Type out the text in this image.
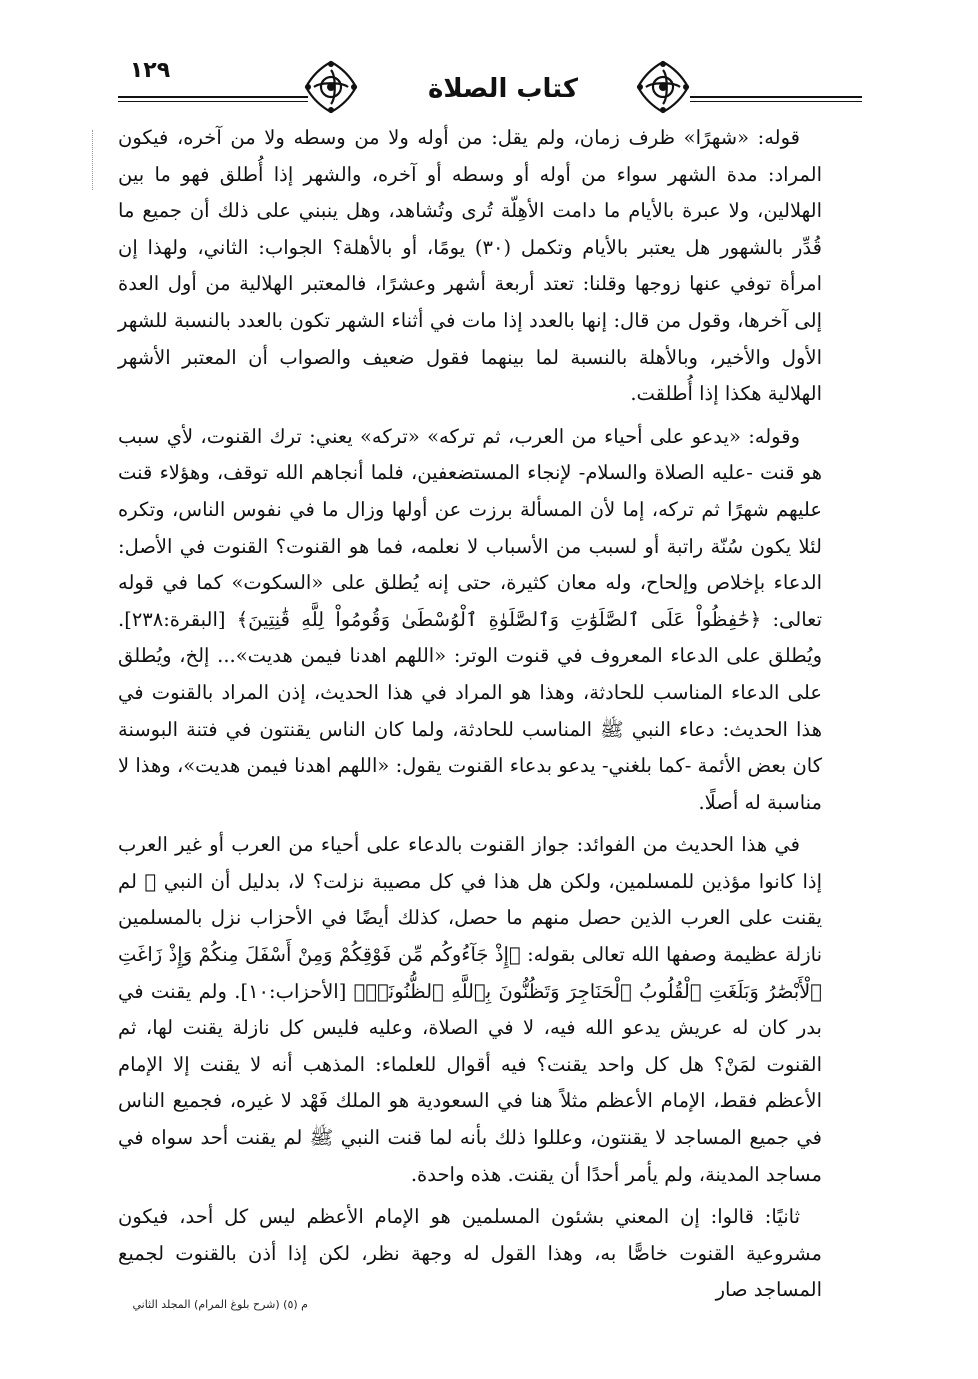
١٢٩
كتاب الصلاة

قوله: «شهرًا» ظرف زمان، ولم يقل: من أوله ولا من وسطه ولا من آخره، فيكون المراد: مدة الشهر سواء من أوله أو وسطه أو آخره، والشهر إذا أُطلق فهو ما بين الهلالين، ولا عبرة بالأيام ما دامت الأهِلّة تُرى وتُشاهد، وهل ينبني على ذلك أن جميع ما قُدِّر بالشهور هل يعتبر بالأيام وتكمل (٣٠) يومًا، أو بالأهلة؟ الجواب: الثاني، ولهذا إن امرأة توفي عنها زوجها وقلنا: تعتد أربعة أشهر وعشرًا، فالمعتبر الهلالية من أول العدة إلى آخرها، وقول من قال: إنها بالعدد إذا مات في أثناء الشهر تكون بالعدد بالنسبة للشهر الأول والأخير، وبالأهلة بالنسبة لما بينهما فقول ضعيف والصواب أن المعتبر الأشهر الهلالية هكذا إذا أُطلقت.

وقوله: «يدعو على أحياء من العرب، ثم تركه» «تركه» يعني: ترك القنوت، لأي سبب هو قنت -عليه الصلاة والسلام- لإنجاء المستضعفين، فلما أنجاهم الله توقف، وهؤلاء قنت عليهم شهرًا ثم تركه، إما لأن المسألة برزت عن أولها وزال ما في نفوس الناس، وتكره لئلا يكون سُنّة راتبة أو لسبب من الأسباب لا نعلمه، فما هو القنوت؟ القنوت في الأصل: الدعاء بإخلاص وإلحاح، وله معان كثيرة، حتى إنه يُطلق على «السكوت» كما في قوله تعالى: ﴿حَٰفِظُواْ عَلَى ٱلصَّلَوَٰتِ وَٱلصَّلَوٰةِ ٱلْوُسْطَىٰ وَقُومُواْ لِلَّهِ قَٰنِتِينَ﴾ [البقرة:٢٣٨]. ويُطلق على الدعاء المعروف في قنوت الوتر: «اللهم اهدنا فيمن هديت»... إلخ، ويُطلق على الدعاء المناسب للحادثة، وهذا هو المراد في هذا الحديث، إذن المراد بالقنوت في هذا الحديث: دعاء النبي ﷺ المناسب للحادثة، ولما كان الناس يقنتون في فتنة البوسنة كان بعض الأئمة -كما بلغني- يدعو بدعاء القنوت يقول: «اللهم اهدنا فيمن هديت»، وهذا لا مناسبة له أصلًا.

في هذا الحديث من الفوائد: جواز القنوت بالدعاء على أحياء من العرب أو غير العرب إذا كانوا مؤذين للمسلمين، ولكن هل هذا في كل مصيبة نزلت؟ لا، بدليل أن النبي ﷺ لم يقنت على العرب الذين حصل منهم ما حصل، كذلك أيضًا في الأحزاب نزل بالمسلمين نازلة عظيمة وصفها الله تعالى بقوله: ﴿إِذْ جَآءُوكُم مِّن فَوْقِكُمْ وَمِنْ أَسْفَلَ مِنكُمْ وَإِذْ زَاغَتِ ٱلْأَبْصَٰرُ وَبَلَغَتِ ٱلْقُلُوبُ ٱلْحَنَاجِرَ وَتَظُنُّونَ بِٱللَّهِ ٱلظُّنُونَا۠﴾ [الأحزاب:١٠]. ولم يقنت في بدر كان له عريش يدعو الله فيه، لا في الصلاة، وعليه فليس كل نازلة يقنت لها، ثم القنوت لمَنْ؟ هل كل واحد يقنت؟ فيه أقوال للعلماء: المذهب أنه لا يقنت إلا الإمام الأعظم فقط، الإمام الأعظم مثلاً هنا في السعودية هو الملك فَهْد لا غيره، فجميع الناس في جميع المساجد لا يقنتون، وعللوا ذلك بأنه لما قنت النبي ﷺ لم يقنت أحد سواه في مساجد المدينة، ولم يأمر أحدًا أن يقنت. هذه واحدة.

ثانيًا: قالوا: إن المعني بشئون المسلمين هو الإمام الأعظم ليس كل أحد، فيكون مشروعية القنوت خاصًّا به، وهذا القول له وجهة نظر، لكن إذا أذن بالقنوت لجميع المساجد صار

م (٥) (شرح بلوغ المرام) المجلد الثاني
